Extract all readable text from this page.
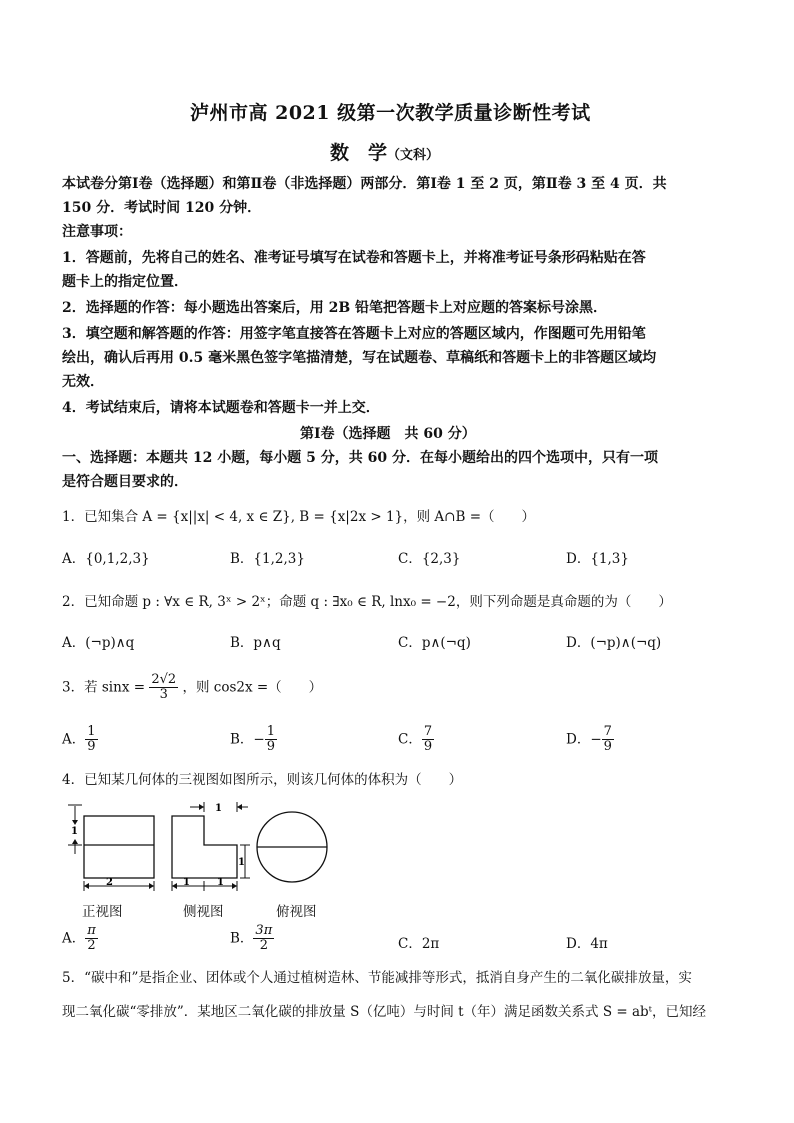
泸州市高 2021 级第一次教学质量诊断性考试
数　学（文科）
本试卷分第Ⅰ卷（选择题）和第Ⅱ卷（非选择题）两部分．第Ⅰ卷 1 至 2 页，第Ⅱ卷 3 至 4 页．共
150 分．考试时间 120 分钟．
注意事项：
1．答题前，先将自己的姓名、准考证号填写在试卷和答题卡上，并将准考证号条形码粘贴在答
题卡上的指定位置．
2．选择题的作答：每小题选出答案后，用 2B 铅笔把答题卡上对应题的答案标号涂黑．
3．填空题和解答题的作答：用签字笔直接答在答题卡上对应的答题区域内，作图题可先用铅笔
绘出，确认后再用 0.5 毫米黑色签字笔描清楚，写在试题卷、草稿纸和答题卡上的非答题区域均
无效．
4．考试结束后，请将本试题卷和答题卡一并上交．
第Ⅰ卷（选择题　共 60 分）
一、选择题：本题共 12 小题，每小题 5 分，共 60 分．在每小题给出的四个选项中，只有一项
是符合题目要求的．
1．已知集合 A = {x||x| < 4, x ∈ Z}, B = {x|2x > 1}，则 A∩B =（　　）
A．{0,1,2,3}	B．{1,2,3}	C．{2,3}	D．{1,3}
2．已知命题 p : ∀x ∈ R, 3ˣ > 2ˣ；命题 q : ∃x₀ ∈ R, lnx₀ = −2，则下列命题是真命题的为（　　）
A．(¬p)∧q	B．p∧q	C．p∧(¬q)	D．(¬p)∧(¬q)
3．若 $\sin x = \frac{2√2}{3}$ ，则 cos2x =（　　）
A． $\frac{1}{9}$	B．− $\frac{1}{9}$	C． $\frac{7}{9}$	D．− $\frac{7}{9}$
4．已知某几何体的三视图如图所示，则该几何体的体积为（　　）
1
2
1
1
1	1
正视图	侧视图	俯视图
A． $\frac{\pi}{2}$	B． $\frac{3\pi}{2}$	C．2π	D．4π
5．“碳中和”是指企业、团体或个人通过植树造林、节能减排等形式，抵消自身产生的二氧化碳排放量，实
现二氧化碳“零排放”．某地区二氧化碳的排放量 S（亿吨）与时间 t（年）满足函数关系式 S = abᵗ，已知经
